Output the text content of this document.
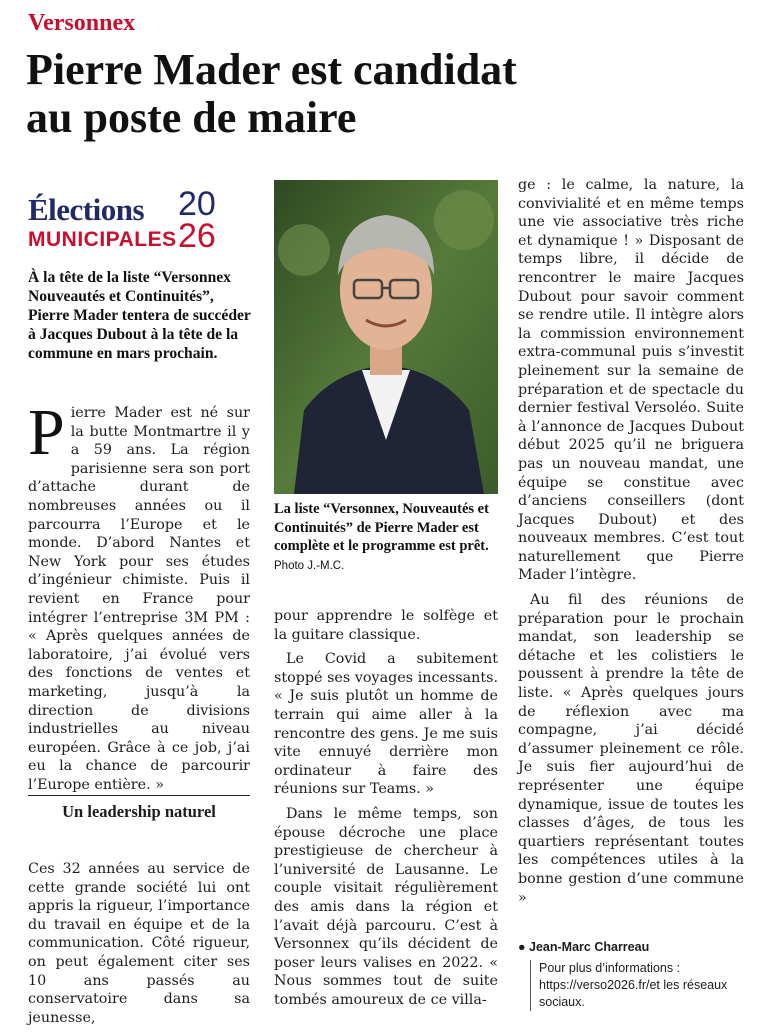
Versonnex
Pierre Mader est candidat
au poste de maire
Élections
MUNICIPALES
20
26
À la tête de la liste “Versonnex Nouveautés et Continuités”, Pierre Mader tentera de succéder à Jacques Dubout à la tête de la commune en mars prochain.

Pierre Mader est né sur la butte Montmartre il y a 59 ans. La région parisienne sera son port d’attache durant de nombreuses années ou il parcourra l’Europe et le monde. D’abord Nantes et New York pour ses études d’ingénieur chimiste. Puis il revient en France pour intégrer l’entreprise 3M PM : « Après quelques années de laboratoire, j’ai évolué vers des fonctions de ventes et marketing, jusqu’à la direction de divisions industrielles au niveau européen. Grâce à ce job, j’ai eu la chance de parcourir l’Europe entière. »

Un leadership naturel

Ces 32 années au service de cette grande société lui ont appris la rigueur, l’importance du travail en équipe et de la communication. Côté rigueur, on peut également citer ses 10 ans passés au conservatoire dans sa jeunesse,

La liste “Versonnex, Nouveautés et Continuités” de Pierre Mader est complète et le programme est prêt. Photo J.-M.C.

pour apprendre le solfège et la guitare classique.

Le Covid a subitement stoppé ses voyages incessants. « Je suis plutôt un homme de terrain qui aime aller à la rencontre des gens. Je me suis vite ennuyé derrière mon ordinateur à faire des réunions sur Teams. »

Dans le même temps, son épouse décroche une place prestigieuse de chercheur à l’université de Lausanne. Le couple visitait régulièrement des amis dans la région et l’avait déjà parcouru. C’est à Versonnex qu’ils décident de poser leurs valises en 2022. « Nous sommes tout de suite tombés amoureux de ce villa-

ge : le calme, la nature, la convivialité et en même temps une vie associative très riche et dynamique ! » Disposant de temps libre, il décide de rencontrer le maire Jacques Dubout pour savoir comment se rendre utile. Il intègre alors la commission environnement extra-communal puis s’investit pleinement sur la semaine de préparation et de spectacle du dernier festival Versoléo. Suite à l’annonce de Jacques Dubout début 2025 qu’il ne briguera pas un nouveau mandat, une équipe se constitue avec d’anciens conseillers (dont Jacques Dubout) et des nouveaux membres. C’est tout naturellement que Pierre Mader l’intègre.

Au fil des réunions de préparation pour le prochain mandat, son leadership se détache et les colistiers le poussent à prendre la tête de liste. « Après quelques jours de réflexion avec ma compagne, j’ai décidé d’assumer pleinement ce rôle. Je suis fier aujourd’hui de représenter une équipe dynamique, issue de toutes les classes d’âges, de tous les quartiers représentant toutes les compétences utiles à la bonne gestion d’une commune »

● Jean-Marc Charreau
Pour plus d’informations : https://verso2026.fr/et les réseaux sociaux.
